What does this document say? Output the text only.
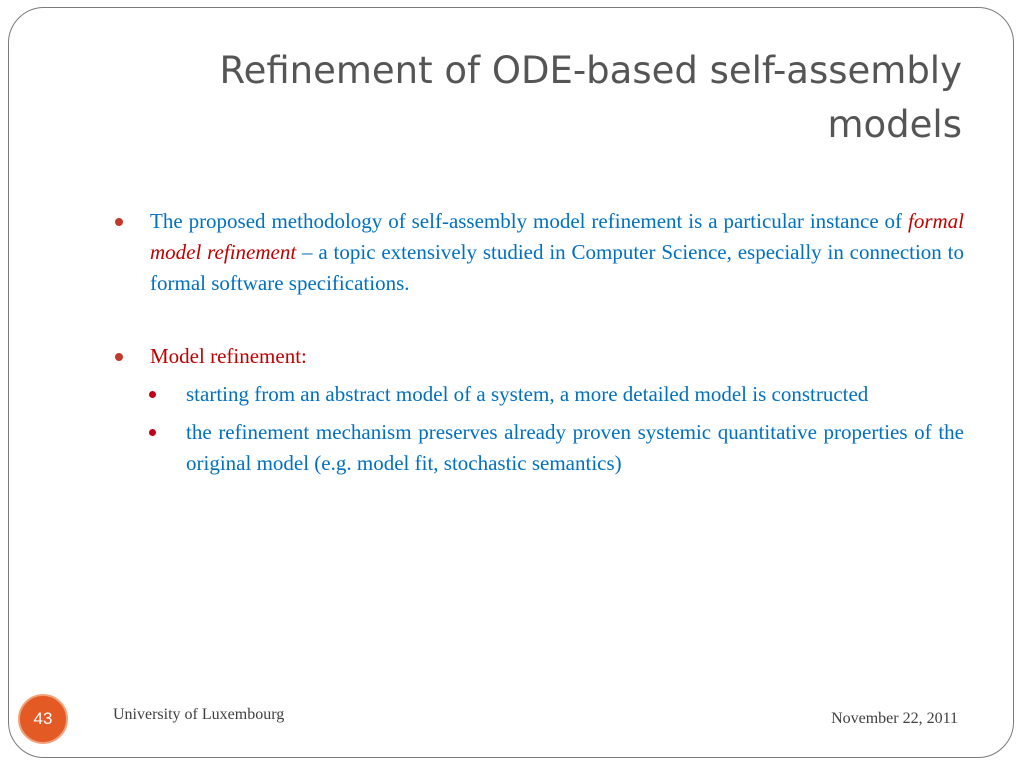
Refinement of ODE-based self-assembly
models

The proposed methodology of self-assembly model refinement is a particular instance of formal model refinement – a topic extensively studied in Computer Science, especially in connection to formal software specifications.

Model refinement:

starting from an abstract model of a system, a more detailed model is constructed

the refinement mechanism preserves already proven systemic quantitative properties of the original model (e.g. model fit, stochastic semantics)

43	University of Luxembourg	November 22, 2011
